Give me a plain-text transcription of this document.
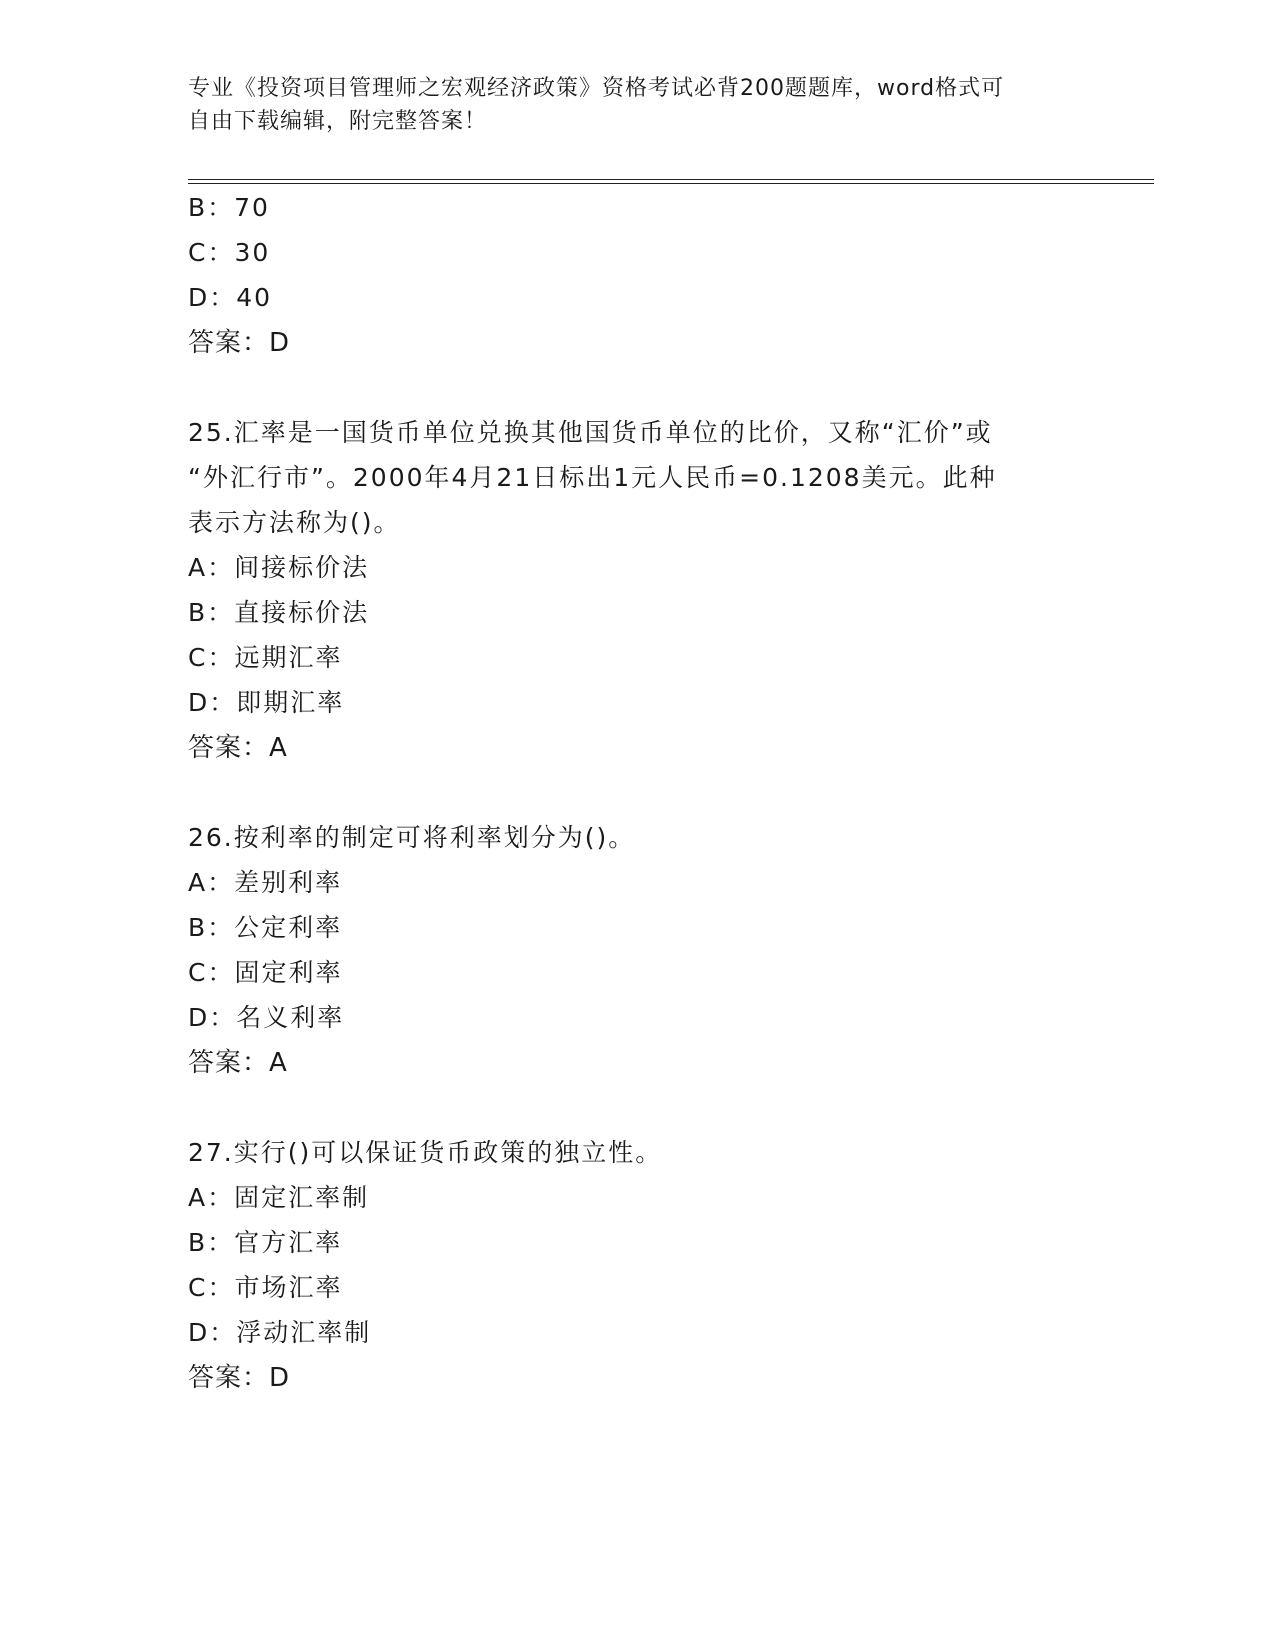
专业《投资项目管理师之宏观经济政策》资格考试必背200题题库，word格式可
自由下载编辑，附完整答案！
B：70
C：30
D：40
答案：D
25.汇率是一国货币单位兑换其他国货币单位的比价，又称“汇价”或
“外汇行市”。2000年4月21日标出1元人民币=0.1208美元。此种
表示方法称为()。
A：间接标价法
B：直接标价法
C：远期汇率
D：即期汇率
答案：A
26.按利率的制定可将利率划分为()。
A：差别利率
B：公定利率
C：固定利率
D：名义利率
答案：A
27.实行()可以保证货币政策的独立性。
A：固定汇率制
B：官方汇率
C：市场汇率
D：浮动汇率制
答案：D
